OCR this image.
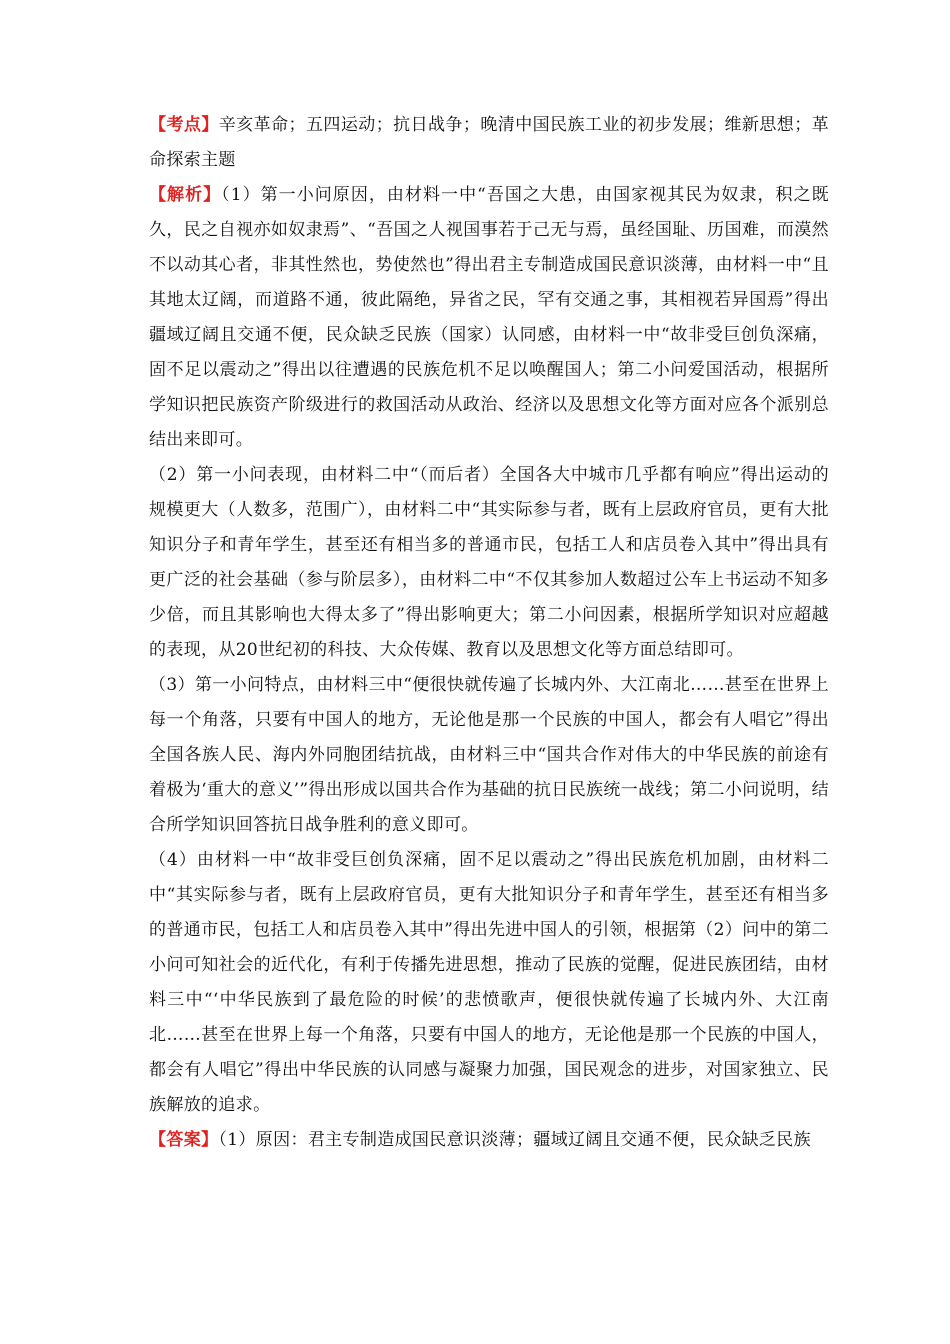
【考点】辛亥革命；五四运动；抗日战争；晚清中国民族工业的初步发展；维新思想；革命探索主题

【解析】（1）第一小问原因，由材料一中“吾国之大患，由国家视其民为奴隶，积之既久，民之自视亦如奴隶焉”、“吾国之人视国事若于己无与焉，虽经国耻、历国难，而漠然不以动其心者，非其性然也，势使然也”得出君主专制造成国民意识淡薄，由材料一中“且其地太辽阔，而道路不通，彼此隔绝，异省之民，罕有交通之事，其相视若异国焉”得出疆域辽阔且交通不便，民众缺乏民族（国家）认同感，由材料一中“故非受巨创负深痛，固不足以震动之”得出以往遭遇的民族危机不足以唤醒国人；第二小问爱国活动，根据所学知识把民族资产阶级进行的救国活动从政治、经济以及思想文化等方面对应各个派别总结出来即可。

（2）第一小问表现，由材料二中“（而后者）全国各大中城市几乎都有响应”得出运动的规模更大（人数多，范围广），由材料二中“其实际参与者，既有上层政府官员，更有大批知识分子和青年学生，甚至还有相当多的普通市民，包括工人和店员卷入其中”得出具有更广泛的社会基础（参与阶层多），由材料二中“不仅其参加人数超过公车上书运动不知多少倍，而且其影响也大得太多了”得出影响更大；第二小问因素，根据所学知识对应超越的表现，从20世纪初的科技、大众传媒、教育以及思想文化等方面总结即可。

（3）第一小问特点，由材料三中“便很快就传遍了长城内外、大江南北……甚至在世界上每一个角落，只要有中国人的地方，无论他是那一个民族的中国人，都会有人唱它”得出全国各族人民、海内外同胞团结抗战，由材料三中“国共合作对伟大的中华民族的前途有着极为‘重大的意义’”得出形成以国共合作为基础的抗日民族统一战线；第二小问说明，结合所学知识回答抗日战争胜利的意义即可。

（4）由材料一中“故非受巨创负深痛，固不足以震动之”得出民族危机加剧，由材料二中“其实际参与者，既有上层政府官员，更有大批知识分子和青年学生，甚至还有相当多的普通市民，包括工人和店员卷入其中”得出先进中国人的引领，根据第（2）问中的第二小问可知社会的近代化，有利于传播先进思想，推动了民族的觉醒，促进民族团结，由材料三中“‘中华民族到了最危险的时候’的悲愤歌声，便很快就传遍了长城内外、大江南北……甚至在世界上每一个角落，只要有中国人的地方，无论他是那一个民族的中国人，都会有人唱它”得出中华民族的认同感与凝聚力加强，国民观念的进步，对国家独立、民族解放的追求。

【答案】（1）原因：君主专制造成国民意识淡薄；疆域辽阔且交通不便，民众缺乏民族
